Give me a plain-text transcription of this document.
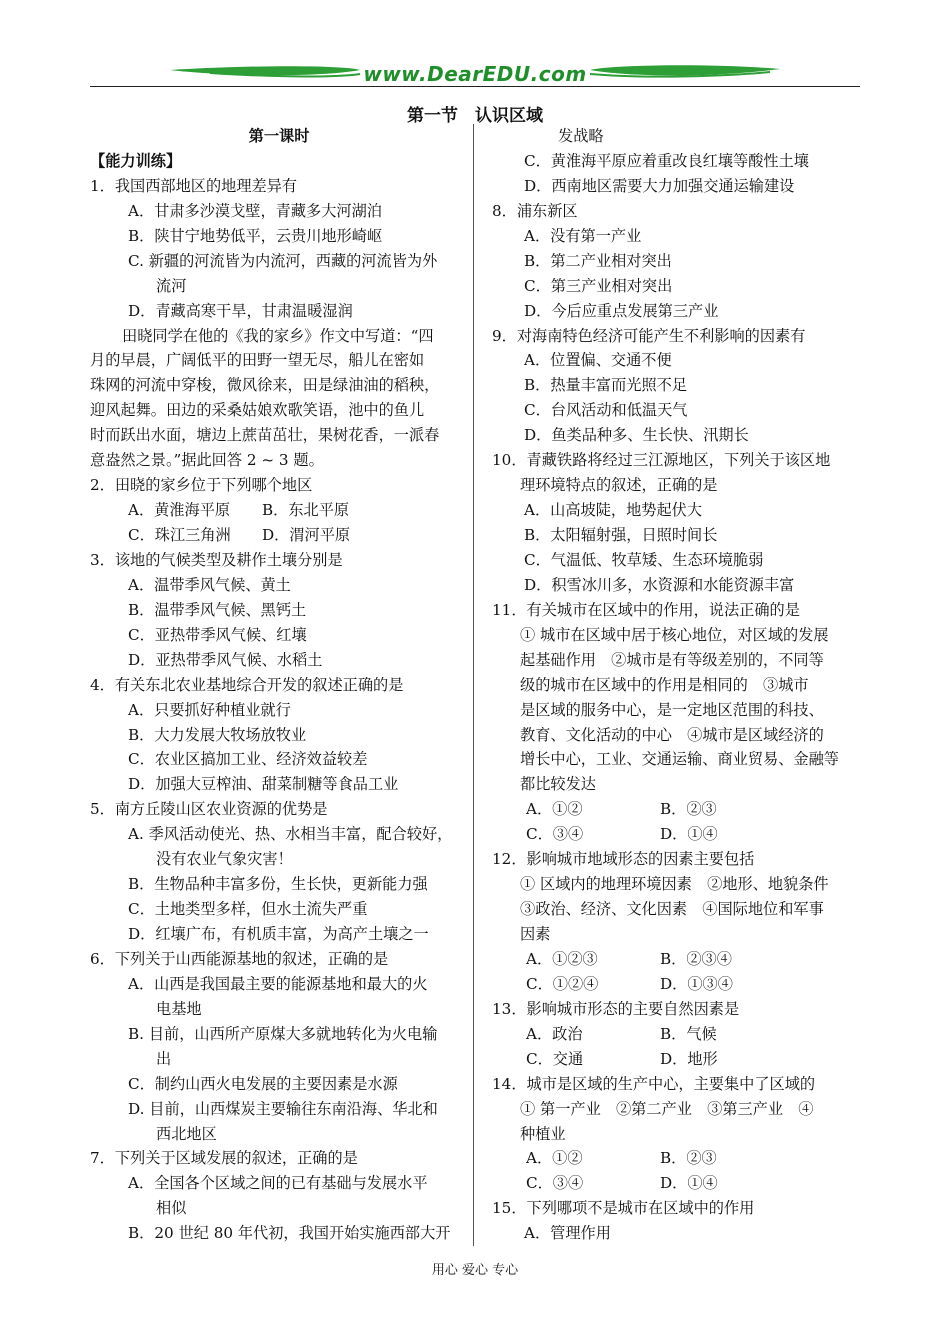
www.DearEDU.com
第一节　认识区域
第一课时
【能力训练】
1．我国西部地区的地理差异有
A．甘肃多沙漠戈壁，青藏多大河湖泊
B．陕甘宁地势低平，云贵川地形崎岖
C. 新疆的河流皆为内流河，西藏的河流皆为外
流河
D．青藏高寒干旱，甘肃温暖湿润
田晓同学在他的《我的家乡》作文中写道：“四
月的早晨，广阔低平的田野一望无尽，船儿在密如
珠网的河流中穿梭，微风徐来，田是绿油油的稻秧，
迎风起舞。田边的采桑姑娘欢歌笑语，池中的鱼儿
时而跃出水面，塘边上蔗苗茁壮，果树花香，一派春
意盎然之景。”据此回答 2 ~ 3 题。
2．田晓的家乡位于下列哪个地区
A．黄淮海平原 B．东北平原
C．珠江三角洲 D．渭河平原
3．该地的气候类型及耕作土壤分别是
A．温带季风气候、黄土
B．温带季风气候、黑钙土
C．亚热带季风气候、红壤
D．亚热带季风气候、水稻土
4．有关东北农业基地综合开发的叙述正确的是
A．只要抓好种植业就行
B．大力发展大牧场放牧业
C．农业区搞加工业、经济效益较差
D．加强大豆榨油、甜菜制糖等食品工业
5．南方丘陵山区农业资源的优势是
A. 季风活动使光、热、水相当丰富，配合较好，
没有农业气象灾害！
B．生物品种丰富多份，生长快，更新能力强
C．土地类型多样，但水土流失严重
D．红壤广布，有机质丰富，为高产土壤之一
6．下列关于山西能源基地的叙述，正确的是
A．山西是我国最主要的能源基地和最大的火
电基地
B. 目前，山西所产原煤大多就地转化为火电输
出
C．制约山西火电发展的主要因素是水源
D. 目前，山西煤炭主要输往东南沿海、华北和
西北地区
7．下列关于区域发展的叙述，正确的是
A．全国各个区域之间的已有基础与发展水平
相似
B．20 世纪 80 年代初，我国开始实施西部大开
发战略
C．黄淮海平原应着重改良红壤等酸性土壤
D．西南地区需要大力加强交通运输建设
8．浦东新区
A．没有第一产业
B．第二产业相对突出
C．第三产业相对突出
D．今后应重点发展第三产业
9．对海南特色经济可能产生不利影响的因素有
A．位置偏、交通不便
B．热量丰富而光照不足
C．台风活动和低温天气
D．鱼类品种多、生长快、汛期长
10．青藏铁路将经过三江源地区，下列关于该区地
理环境特点的叙述，正确的是
A．山高坡陡，地势起伏大
B．太阳辐射强，日照时间长
C．气温低、牧草矮、生态环境脆弱
D．积雪冰川多，水资源和水能资源丰富
11．有关城市在区域中的作用，说法正确的是
① 城市在区域中居于核心地位，对区域的发展
起基础作用　②城市是有等级差别的，不同等
级的城市在区域中的作用是相同的　③城市
是区域的服务中心，是一定地区范围的科技、
教育、文化活动的中心　④城市是区域经济的
增长中心，工业、交通运输、商业贸易、金融等
都比较发达
A．①②	B．②③
C．③④	D．①④
12．影响城市地域形态的因素主要包括
① 区域内的地理环境因素　②地形、地貌条件
③政治、经济、文化因素　④国际地位和军事
因素
A．①②③	B．②③④
C．①②④	D．①③④
13．影响城市形态的主要自然因素是
A．政治	B．气候
C．交通	D．地形
14．城市是区域的生产中心，主要集中了区域的
① 第一产业　②第二产业　③第三产业　④
种植业
A．①②	B．②③
C．③④	D．①④
15．下列哪项不是城市在区域中的作用
A．管理作用
用心 爱心 专心
